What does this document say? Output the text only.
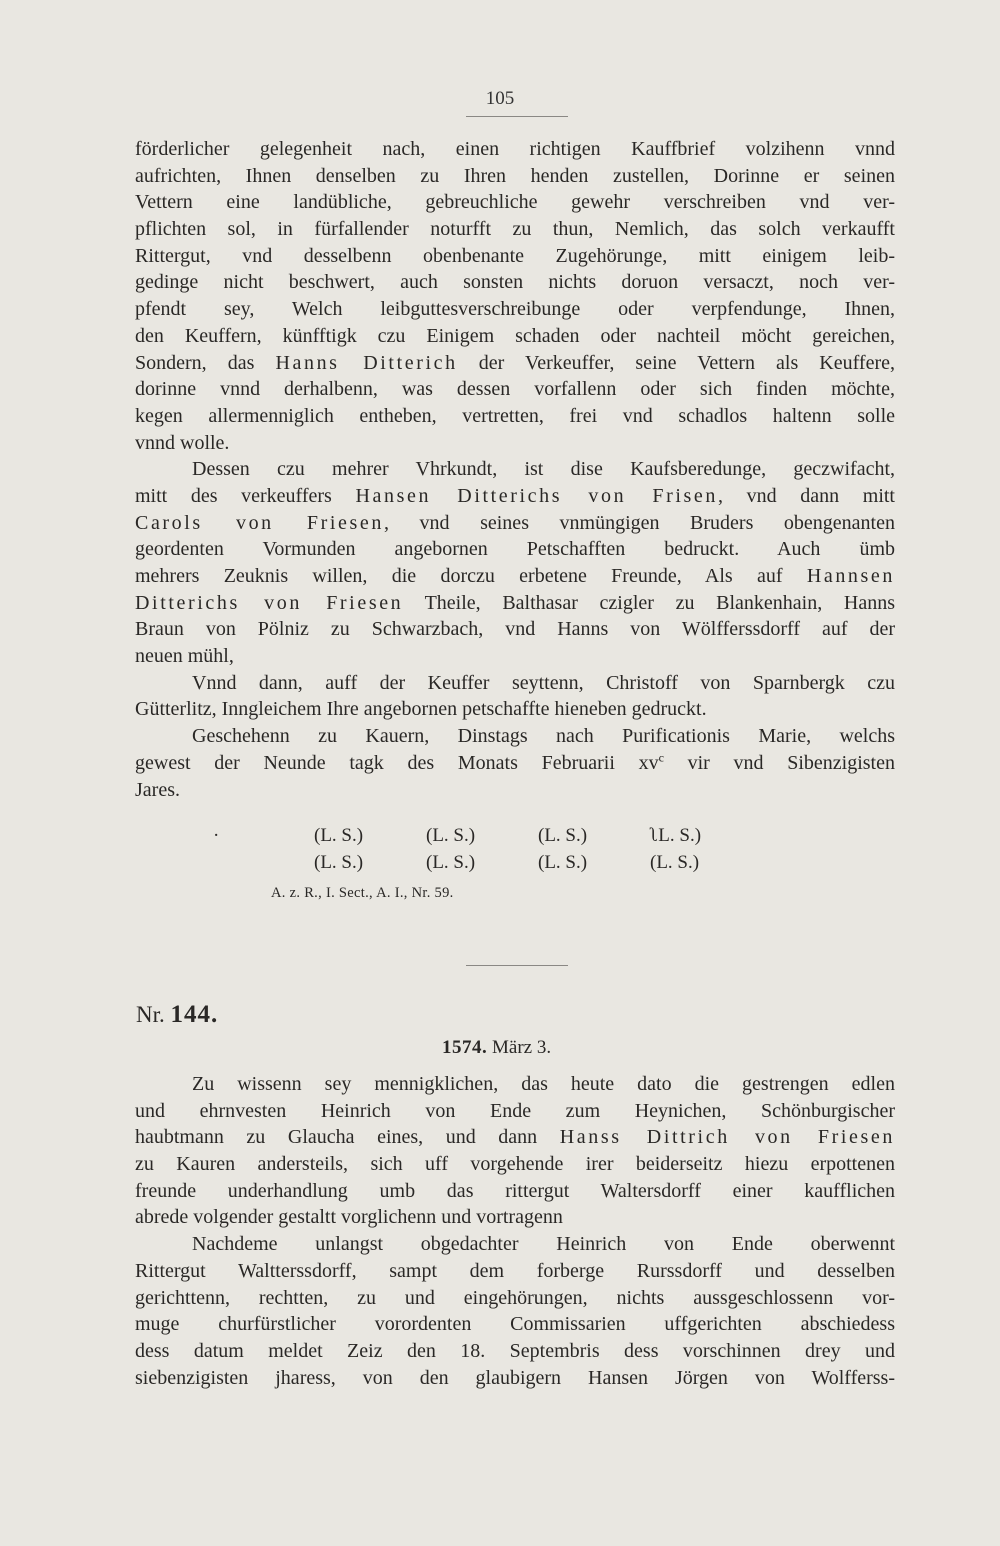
105
förderlicher gelegenheit nach, einen richtigen Kauffbrief volzihenn vnnd
aufrichten, Ihnen denselben zu Ihren henden zustellen, Dorinne er seinen
Vettern eine landübliche, gebreuchliche gewehr verschreiben vnd ver-
pflichten sol, in fürfallender noturfft zu thun, Nemlich, das solch verkaufft
Rittergut, vnd desselbenn obenbenante Zugehörunge, mitt einigem leib-
gedinge nicht beschwert, auch sonsten nichts doruon versaczt, noch ver-
pfendt sey, Welch leibguttesverschreibunge oder verpfendunge, Ihnen,
den Keuffern, künfftigk czu Einigem schaden oder nachteil möcht gereichen,
Sondern, das Hanns Ditterich der Verkeuffer, seine Vettern als Keuffere,
dorinne vnnd derhalbenn, was dessen vorfallenn oder sich finden möchte,
kegen allermenniglich entheben, vertretten, frei vnd schadlos haltenn solle
vnnd wolle.
Dessen czu mehrer Vhrkundt, ist dise Kaufsberedunge, geczwifacht,
mitt des verkeuffers Hansen Ditterichs von Frisen, vnd dann mitt
Carols von Friesen, vnd seines vnmüngigen Bruders obengenanten
geordenten Vormunden angebornen Petschafften bedruckt. Auch ümb
mehrers Zeuknis willen, die dorczu erbetene Freunde, Als auf Hannsen
Ditterichs von Friesen Theile, Balthasar czigler zu Blankenhain, Hanns
Braun von Pölniz zu Schwarzbach, vnd Hanns von Wölfferssdorff auf der
neuen mühl,
Vnnd dann, auff der Keuffer seyttenn, Christoff von Sparnbergk czu
Gütterlitz, Inngleichem Ihre angebornen petschaffte hieneben gedruckt.
Geschehenn zu Kauern, Dinstags nach Purificationis Marie, welchs
gewest der Neunde tagk des Monats Februarii $xv^c$ vir vnd Sibenzigisten
Jares.
·	(L. S.)	(L. S.)	(L. S.)	ʅL. S.)
(L. S.)	(L. S.)	(L. S.)	(L. S.)
A. z. R., I. Sect., A. I., Nr. 59.
Nr. 144.
1574. März 3.
Zu wissenn sey mennigklichen, das heute dato die gestrengen edlen
und ehrnvesten Heinrich von Ende zum Heynichen, Schönburgischer
haubtmann zu Glaucha eines, und dann Hanss Dittrich von Friesen
zu Kauren andersteils, sich uff vorgehende irer beiderseitz hiezu erpottenen
freunde underhandlung umb das rittergut Waltersdorff einer kaufflichen
abrede volgender gestaltt vorglichenn und vortragenn
Nachdeme unlangst obgedachter Heinrich von Ende oberwennt
Rittergut Waltterssdorff, sampt dem forberge Rurssdorff und desselben
gerichttenn, rechtten, zu und eingehörungen, nichts aussgeschlossenn vor-
muge churfürstlicher vorordenten Commissarien uffgerichten abschiedess
dess datum meldet Zeiz den 18. Septembris dess vorschinnen drey und
siebenzigisten jharess, von den glaubigern Hansen Jörgen von Wolfferss-
